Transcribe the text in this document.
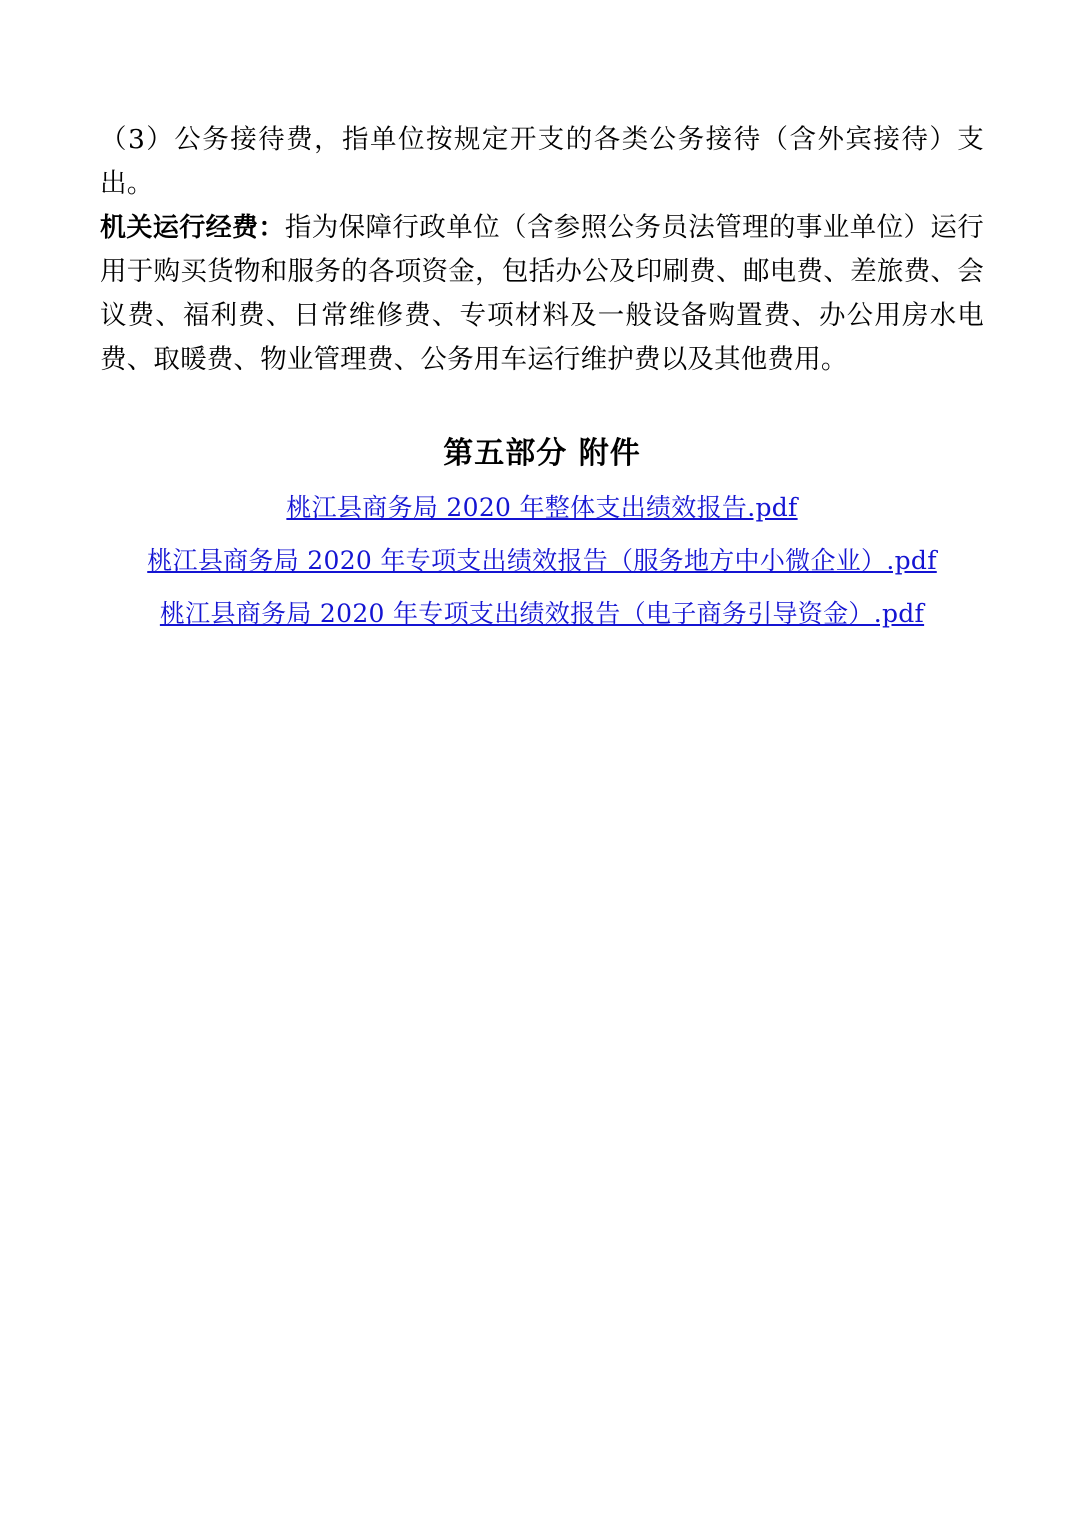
（3）公务接待费，指单位按规定开支的各类公务接待（含外宾接待）支出。

机关运行经费：指为保障行政单位（含参照公务员法管理的事业单位）运行用于购买货物和服务的各项资金，包括办公及印刷费、邮电费、差旅费、会议费、福利费、日常维修费、专项材料及一般设备购置费、办公用房水电费、取暖费、物业管理费、公务用车运行维护费以及其他费用。

第五部分 附件
桃江县商务局 2020 年整体支出绩效报告.pdf
桃江县商务局 2020 年专项支出绩效报告（服务地方中小微企业）.pdf
桃江县商务局 2020 年专项支出绩效报告（电子商务引导资金）.pdf
